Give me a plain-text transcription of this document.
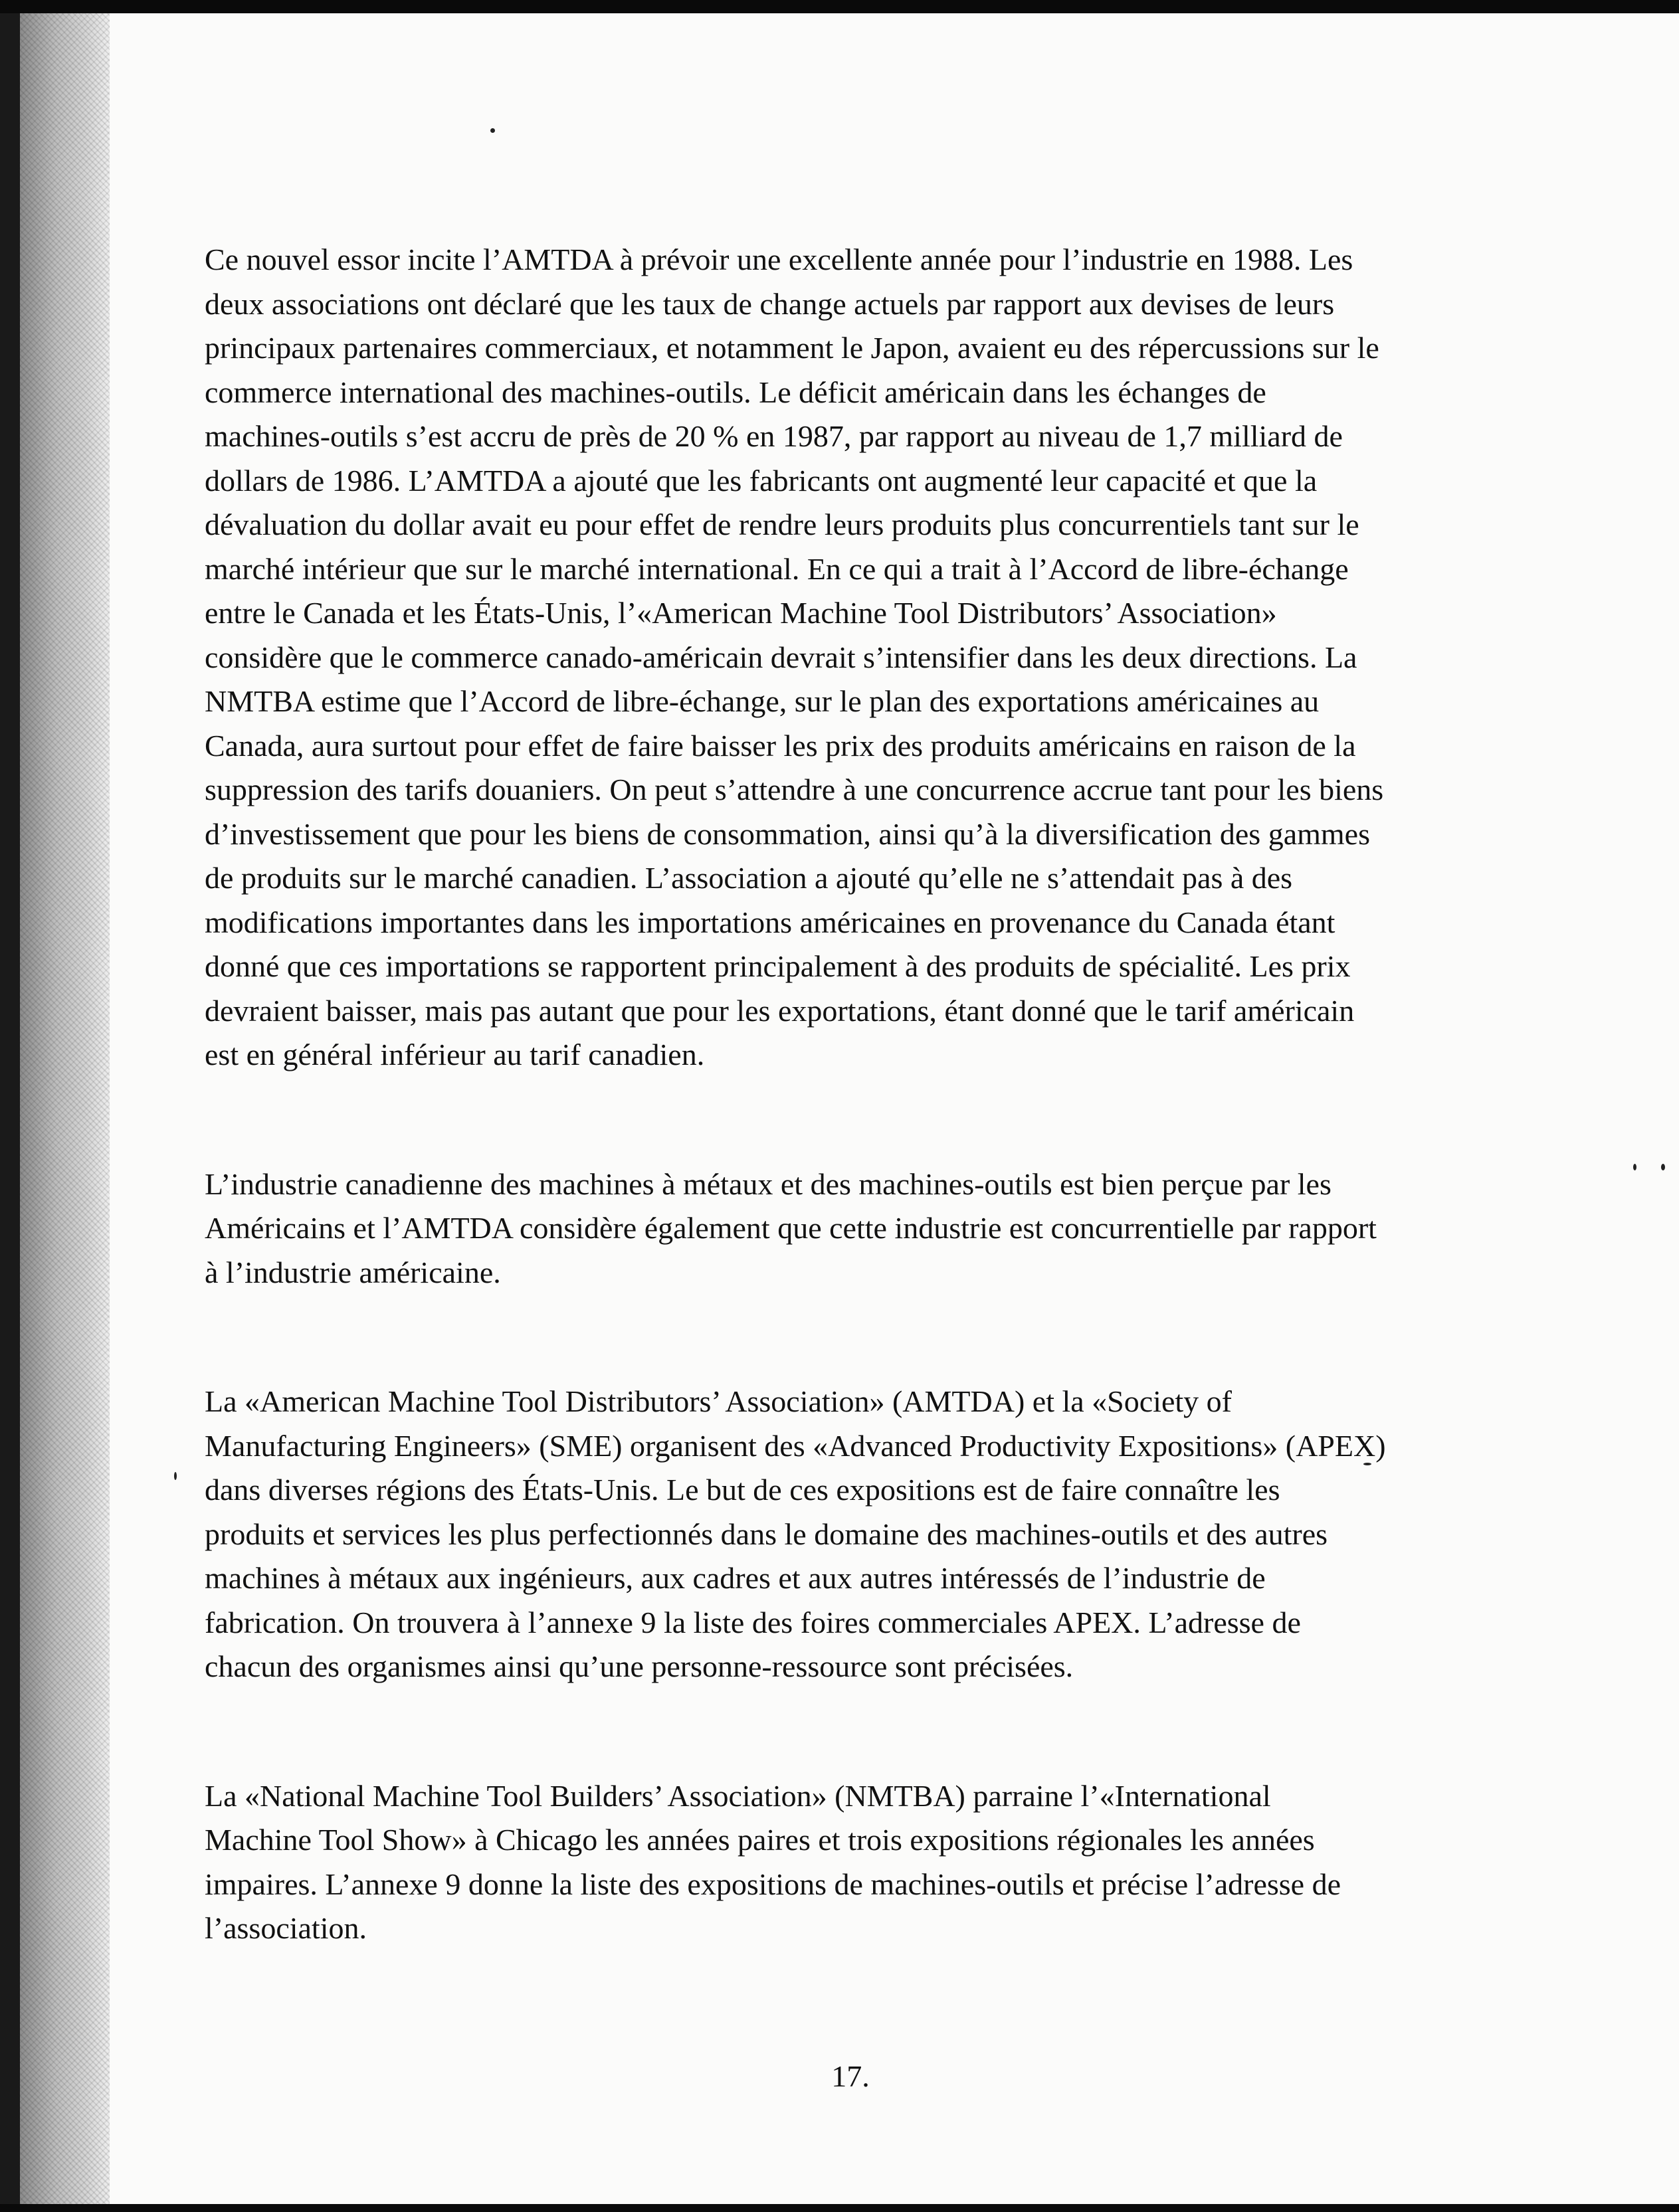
Ce nouvel essor incite l’AMTDA à prévoir une excellente année pour l’industrie en 1988. Les
deux associations ont déclaré que les taux de change actuels par rapport aux devises de leurs
principaux partenaires commerciaux, et notamment le Japon, avaient eu des répercussions sur le
commerce international des machines-outils. Le déficit américain dans les échanges de
machines-outils s’est accru de près de 20 % en 1987, par rapport au niveau de 1,7 milliard de
dollars de 1986. L’AMTDA a ajouté que les fabricants ont augmenté leur capacité et que la
dévaluation du dollar avait eu pour effet de rendre leurs produits plus concurrentiels tant sur le
marché intérieur que sur le marché international. En ce qui a trait à l’Accord de libre-échange
entre le Canada et les États-Unis, l’«American Machine Tool Distributors’ Association»
considère que le commerce canado-américain devrait s’intensifier dans les deux directions. La
NMTBA estime que l’Accord de libre-échange, sur le plan des exportations américaines au
Canada, aura surtout pour effet de faire baisser les prix des produits américains en raison de la
suppression des tarifs douaniers. On peut s’attendre à une concurrence accrue tant pour les biens
d’investissement que pour les biens de consommation, ainsi qu’à la diversification des gammes
de produits sur le marché canadien. L’association a ajouté qu’elle ne s’attendait pas à des
modifications importantes dans les importations américaines en provenance du Canada étant
donné que ces importations se rapportent principalement à des produits de spécialité. Les prix
devraient baisser, mais pas autant que pour les exportations, étant donné que le tarif américain
est en général inférieur au tarif canadien.

L’industrie canadienne des machines à métaux et des machines-outils est bien perçue par les
Américains et l’AMTDA considère également que cette industrie est concurrentielle par rapport
à l’industrie américaine.

La «American Machine Tool Distributors’ Association» (AMTDA) et la «Society of
Manufacturing Engineers» (SME) organisent des «Advanced Productivity Expositions» (APEX)
dans diverses régions des États-Unis. Le but de ces expositions est de faire connaître les
produits et services les plus perfectionnés dans le domaine des machines-outils et des autres
machines à métaux aux ingénieurs, aux cadres et aux autres intéressés de l’industrie de
fabrication. On trouvera à l’annexe 9 la liste des foires commerciales APEX. L’adresse de
chacun des organismes ainsi qu’une personne-ressource sont précisées.

La «National Machine Tool Builders’ Association» (NMTBA) parraine l’«International
Machine Tool Show» à Chicago les années paires et trois expositions régionales les années
impaires. L’annexe 9 donne la liste des expositions de machines-outils et précise l’adresse de
l’association.

17.
